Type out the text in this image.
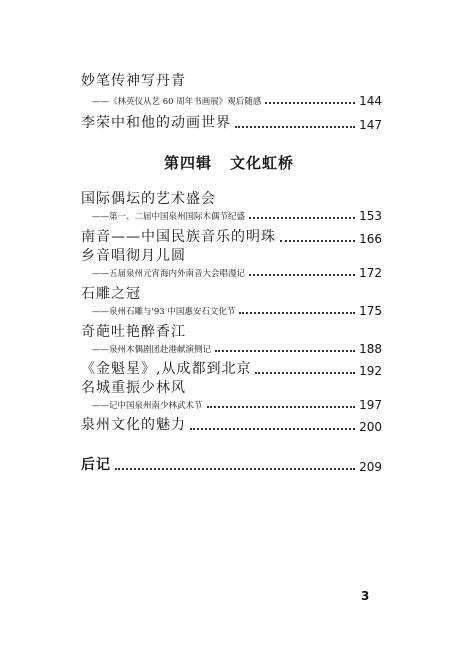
妙笔传神写丹青
——《林英仪从艺 60 周年书画展》观后随感	144
李荣中和他的动画世界	147
第四辑 文化虹桥
国际偶坛的艺术盛会
——第一、二届中国泉州国际木偶节纪盛	153
南音——中国民族音乐的明珠	166
乡音唱彻月儿圆
——五届泉州元宵海内外南音大会唱漫记	172
石雕之冠
——泉州石雕与'93 中国惠安石文化节	175
奇葩吐艳醉香江
——泉州木偶剧团赴港献演侧记	188
《金魁星》,从成都到北京	192
名城重振少林风
——记中国泉州南少林武术节	197
泉州文化的魅力	200
后记	209
3
